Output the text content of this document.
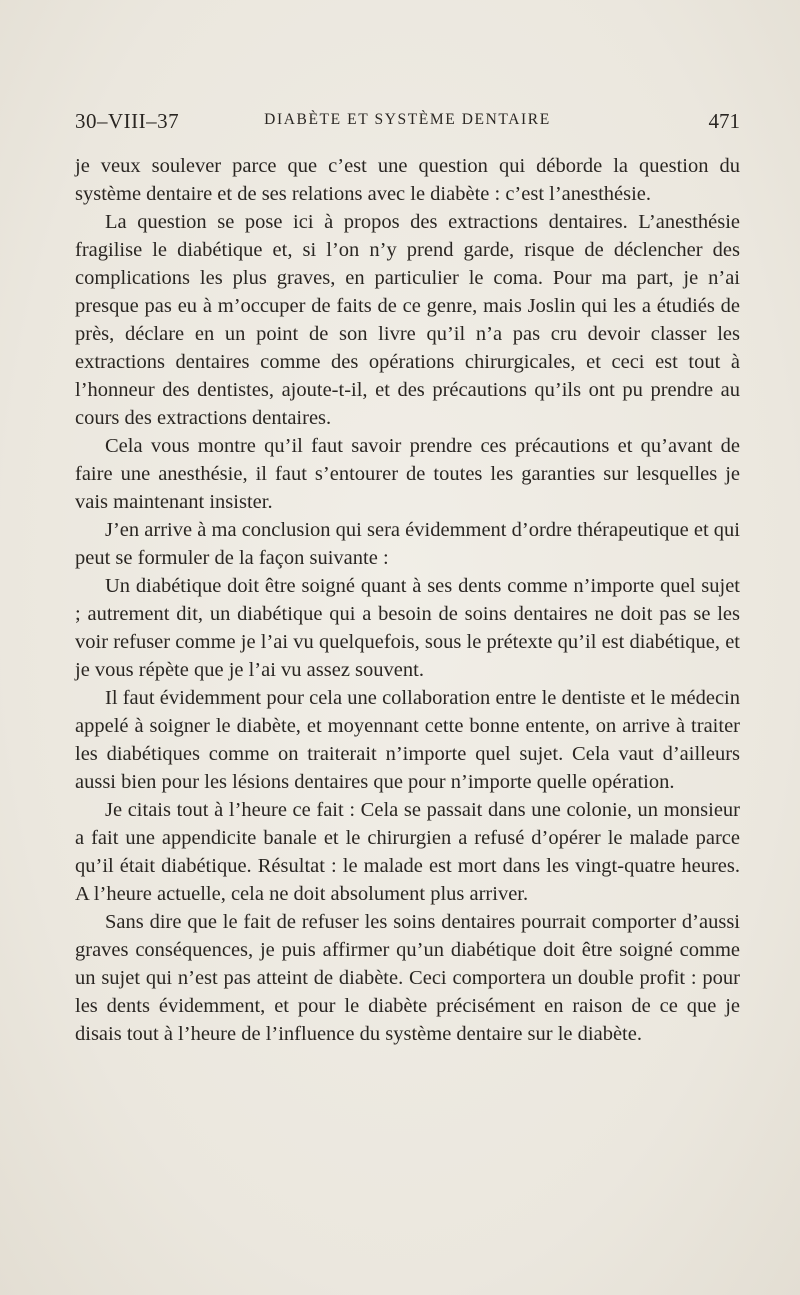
30–VIII–37	DIABÈTE ET SYSTÈME DENTAIRE	471

je veux soulever parce que c’est une question qui déborde la question du système dentaire et de ses relations avec le diabète : c’est l’anesthésie.

La question se pose ici à propos des extractions dentaires. L’anesthésie fragilise le diabétique et, si l’on n’y prend garde, risque de déclencher des complications les plus graves, en particulier le coma. Pour ma part, je n’ai presque pas eu à m’occuper de faits de ce genre, mais Joslin qui les a étudiés de près, déclare en un point de son livre qu’il n’a pas cru devoir classer les extractions dentaires comme des opérations chirurgicales, et ceci est tout à l’honneur des dentistes, ajoute-t-il, et des précautions qu’ils ont pu prendre au cours des extractions dentaires.

Cela vous montre qu’il faut savoir prendre ces précautions et qu’avant de faire une anesthésie, il faut s’entourer de toutes les garanties sur lesquelles je vais maintenant insister.

J’en arrive à ma conclusion qui sera évidemment d’ordre thérapeutique et qui peut se formuler de la façon suivante :

Un diabétique doit être soigné quant à ses dents comme n’importe quel sujet ; autrement dit, un diabétique qui a besoin de soins dentaires ne doit pas se les voir refuser comme je l’ai vu quelquefois, sous le prétexte qu’il est diabétique, et je vous répète que je l’ai vu assez souvent.

Il faut évidemment pour cela une collaboration entre le dentiste et le médecin appelé à soigner le diabète, et moyennant cette bonne entente, on arrive à traiter les diabétiques comme on traiterait n’importe quel sujet. Cela vaut d’ailleurs aussi bien pour les lésions dentaires que pour n’importe quelle opération.

Je citais tout à l’heure ce fait : Cela se passait dans une colonie, un monsieur a fait une appendicite banale et le chirurgien a refusé d’opérer le malade parce qu’il était diabétique. Résultat : le malade est mort dans les vingt-quatre heures. A l’heure actuelle, cela ne doit absolument plus arriver.

Sans dire que le fait de refuser les soins dentaires pourrait comporter d’aussi graves conséquences, je puis affirmer qu’un diabétique doit être soigné comme un sujet qui n’est pas atteint de diabète. Ceci comportera un double profit : pour les dents évidemment, et pour le diabète précisément en raison de ce que je disais tout à l’heure de l’influence du système dentaire sur le diabète.
